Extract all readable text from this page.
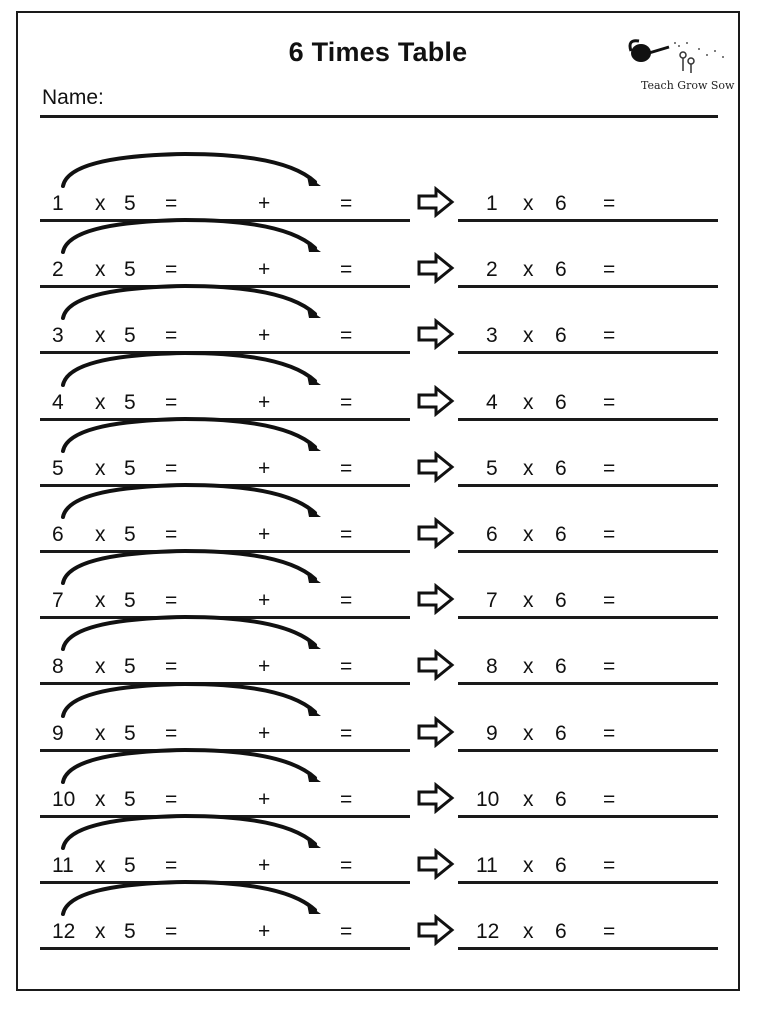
6 Times Table
Teach Grow Sow
Name:
1 x 5 =	+	=	1 x 6 =
2 x 5 =	+	=	2 x 6 =
3 x 5 =	+	=	3 x 6 =
4 x 5 =	+	=	4 x 6 =
5 x 5 =	+	=	5 x 6 =
6 x 5 =	+	=	6 x 6 =
7 x 5 =	+	=	7 x 6 =
8 x 5 =	+	=	8 x 6 =
9 x 5 =	+	=	9 x 6 =
10 x 5 =	+	=	10 x 6 =
11 x 5 =	+	=	11 x 6 =
12 x 5 =	+	=	12 x 6 =
